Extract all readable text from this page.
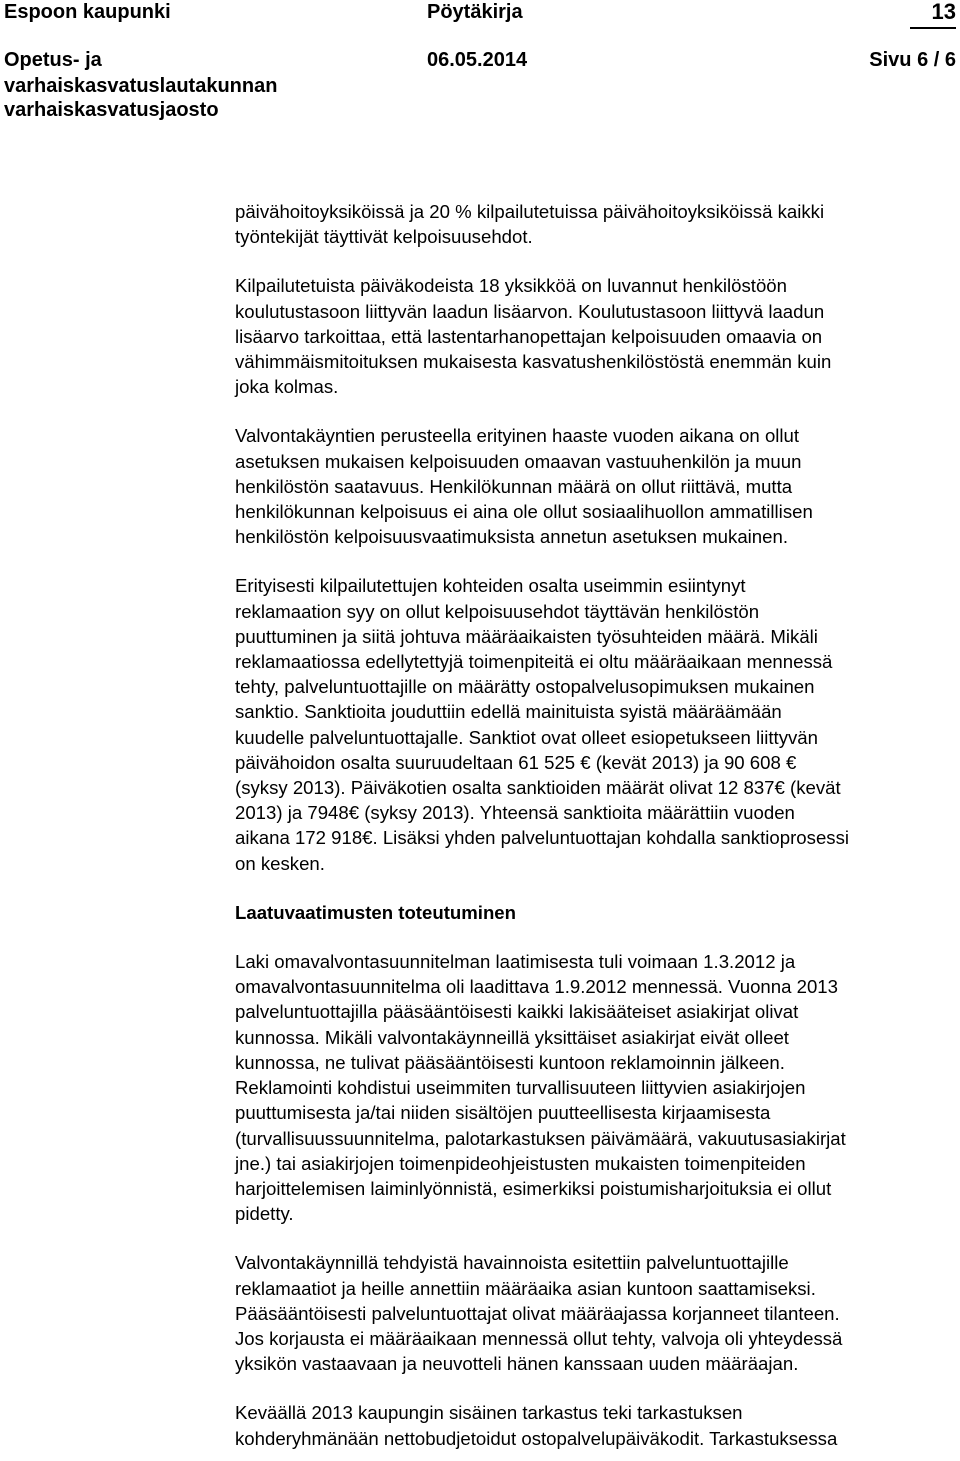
Espoon kaupunki	Pöytäkirja	13
Opetus- ja	06.05.2014	Sivu 6 / 6
varhaiskasvatuslautakunnan
varhaiskasvatusjaosto
päivähoitoyksiköissä ja 20 % kilpailutetuissa päivähoitoyksiköissä kaikki
työntekijät täyttivät kelpoisuusehdot.
Kilpailutetuista päiväkodeista 18 yksikköä on luvannut henkilöstöön
koulutustasoon liittyvän laadun lisäarvon. Koulutustasoon liittyvä laadun
lisäarvo tarkoittaa, että lastentarhanopettajan kelpoisuuden omaavia on
vähimmäismitoituksen mukaisesta kasvatushenkilöstöstä enemmän kuin
joka kolmas.
Valvontakäyntien perusteella erityinen haaste vuoden aikana on ollut
asetuksen mukaisen kelpoisuuden omaavan vastuuhenkilön ja muun
henkilöstön saatavuus. Henkilökunnan määrä on ollut riittävä, mutta
henkilökunnan kelpoisuus ei aina ole ollut sosiaalihuollon ammatillisen
henkilöstön kelpoisuusvaatimuksista annetun asetuksen mukainen.
Erityisesti kilpailutettujen kohteiden osalta useimmin esiintynyt
reklamaation syy on ollut kelpoisuusehdot täyttävän henkilöstön
puuttuminen ja siitä johtuva määräaikaisten työsuhteiden määrä. Mikäli
reklamaatiossa edellytettyjä toimenpiteitä ei oltu määräaikaan mennessä
tehty, palveluntuottajille on määrätty ostopalvelusopimuksen mukainen
sanktio. Sanktioita jouduttiin edellä mainituista syistä määräämään
kuudelle palveluntuottajalle. Sanktiot ovat olleet esiopetukseen liittyvän
päivähoidon osalta suuruudeltaan 61 525 € (kevät 2013) ja 90 608 €
(syksy 2013). Päiväkotien osalta sanktioiden määrät olivat 12 837€ (kevät
2013) ja 7948€ (syksy 2013). Yhteensä sanktioita määrättiin vuoden
aikana 172 918€. Lisäksi yhden palveluntuottajan kohdalla sanktioprosessi
on kesken.
Laatuvaatimusten toteutuminen
Laki omavalvontasuunnitelman laatimisesta tuli voimaan 1.3.2012 ja
omavalvontasuunnitelma oli laadittava 1.9.2012 mennessä. Vuonna 2013
palveluntuottajilla pääsääntöisesti kaikki lakisääteiset asiakirjat olivat
kunnossa. Mikäli valvontakäynneillä yksittäiset asiakirjat eivät olleet
kunnossa, ne tulivat pääsääntöisesti kuntoon reklamoinnin jälkeen.
Reklamointi kohdistui useimmiten turvallisuuteen liittyvien asiakirjojen
puuttumisesta ja/tai niiden sisältöjen puutteellisesta kirjaamisesta
(turvallisuussuunnitelma, palotarkastuksen päivämäärä, vakuutusasiakirjat
jne.) tai asiakirjojen toimenpideohjeistusten mukaisten toimenpiteiden
harjoittelemisen laiminlyönnistä, esimerkiksi poistumisharjoituksia ei ollut
pidetty.
Valvontakäynnillä tehdyistä havainnoista esitettiin palveluntuottajille
reklamaatiot ja heille annettiin määräaika asian kuntoon saattamiseksi.
Pääsääntöisesti palveluntuottajat olivat määräajassa korjanneet tilanteen.
Jos korjausta ei määräaikaan mennessä ollut tehty, valvoja oli yhteydessä
yksikön vastaavaan ja neuvotteli hänen kanssaan uuden määräajan.
Keväällä 2013 kaupungin sisäinen tarkastus teki tarkastuksen
kohderyhmänään nettobudjetoidut ostopalvelupäiväkodit. Tarkastuksessa
